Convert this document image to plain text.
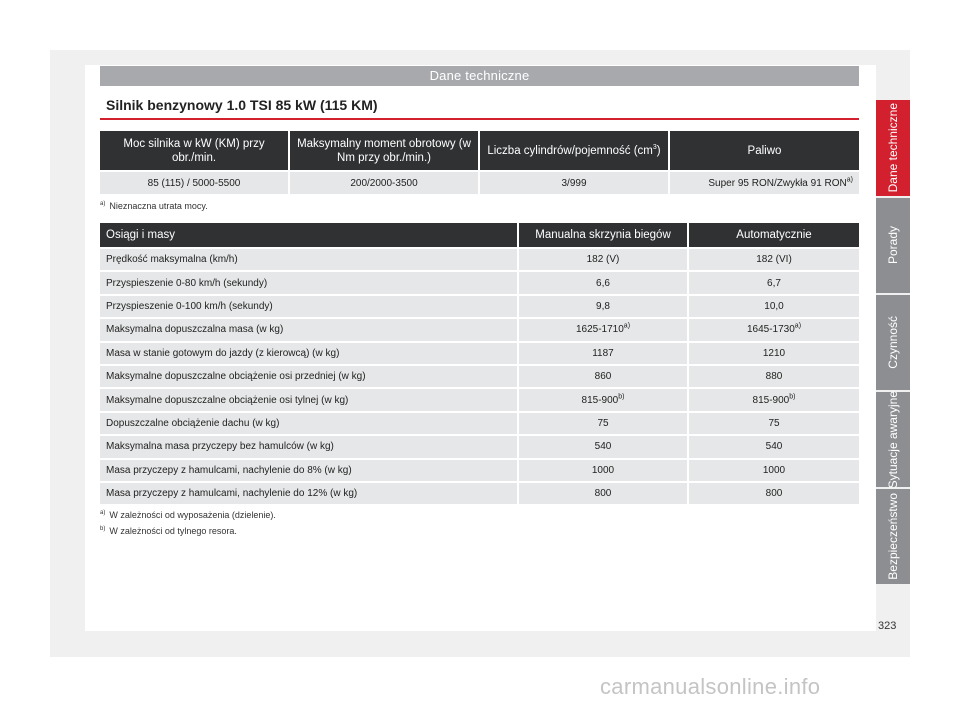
Dane techniczne
Silnik benzynowy 1.0 TSI 85 kW (115 KM)
Moc silnika w kW (KM) przy obr./min.	Maksymalny moment obrotowy (w Nm przy obr./min.)	Liczba cylindrów/pojemność $(cm^3)$	Paliwo
85 (115) / 5000-5500	200/2000-3500	3/999	Super 95 RON/Zwykła 91 RON$^{a)}$
$^{a)}$ Nieznaczna utrata mocy.
Osiągi i masy	Manualna skrzynia biegów	Automatycznie
Prędkość maksymalna (km/h)	182 (V)	182 (VI)
Przyspieszenie 0-80 km/h (sekundy)	6,6	6,7
Przyspieszenie 0-100 km/h (sekundy)	9,8	10,0
Maksymalna dopuszczalna masa (w kg)	1625-1710$^{a)}$	1645-1730$^{a)}$
Masa w stanie gotowym do jazdy (z kierowcą) (w kg)	1187	1210
Maksymalne dopuszczalne obciążenie osi przedniej (w kg)	860	880
Maksymalne dopuszczalne obciążenie osi tylnej (w kg)	815-900$^{b)}$	815-900$^{b)}$
Dopuszczalne obciążenie dachu (w kg)	75	75
Maksymalna masa przyczepy bez hamulców (w kg)	540	540
Masa przyczepy z hamulcami, nachylenie do 8% (w kg)	1000	1000
Masa przyczepy z hamulcami, nachylenie do 12% (w kg)	800	800
$^{a)}$ W zależności od wyposażenia (dzielenie).
$^{b)}$ W zależności od tylnego resora.
Dane techniczne
Porady
Czynność
Sytuacje awaryjne
Bezpieczeństwo
323
carmanualsonline.info
